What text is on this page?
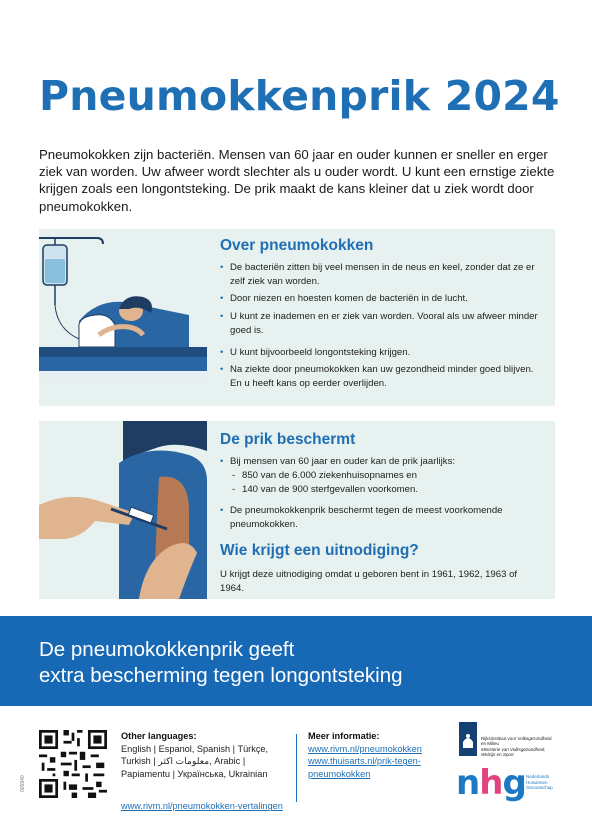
Pneumokkenprik 2024
Pneumokokken zijn bacteriën. Mensen van 60 jaar en ouder kunnen er sneller en erger ziek van worden. Uw afweer wordt slechter als u ouder wordt. U kunt een ernstige ziekte krijgen zoals een longontsteking. De prik maakt de kans kleiner dat u ziek wordt door pneumokokken.
Over pneumokokken
• De bacteriën zitten bij veel mensen in de neus en keel, zonder dat ze er zelf ziek van worden.
• Door niezen en hoesten komen de bacteriën in de lucht.
• U kunt ze inademen en er ziek van worden. Vooral als uw afweer minder goed is.
• U kunt bijvoorbeeld longontsteking krijgen.
• Na ziekte door pneumokokken kan uw gezondheid minder goed blijven. En u heeft kans op eerder overlijden.
De prik beschermt
• Bij mensen van 60 jaar en ouder kan de prik jaarlijks:
- 850 van de 6.000 ziekenhuisopnames en
- 140 van de 900 sterfgevallen voorkomen.
• De pneumokokkenprik beschermt tegen de meest voorkomende pneumokokken.
Wie krijgt een uitnodiging?

U krijgt deze uitnodiging omdat u geboren bent in 1961, 1962, 1963 of 1964.

De pneumokokkenprik geeft
extra bescherming tegen longontsteking
005940
Other languages:
English | Espanol, Spanish | Türkçe,
Turkish | معلومات اكثر, Arabic |
Papiamentu | Українська, Ukrainian
www.rivm.nl/pneumokokken-vertalingen
Meer informatie:
www.rivm.nl/pneumokokken
www.thuisarts.nl/prik-tegen-
pneumokokken
Rijksinstituut voor Volksgezondheid
en Milieu
Ministerie van Volksgezondheid,
Welzijn en Sport
nhg Nederlands
Huisartsen
Genootschap
